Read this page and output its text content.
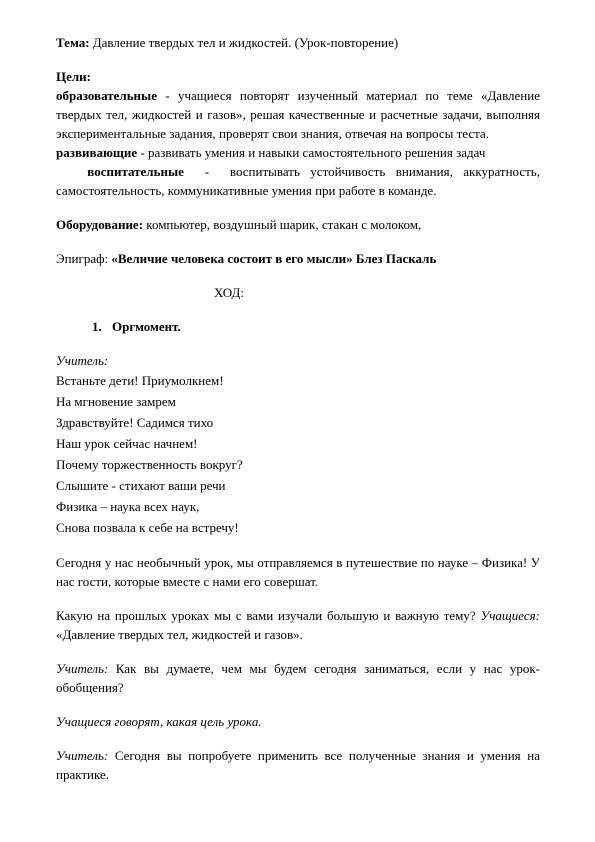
Тема: Давление твердых тел и жидкостей. (Урок-повторение)

Цели:

образовательные - учащиеся повторят изученный материал по теме «Давление твердых тел, жидкостей и газов», решая качественные и расчетные задачи, выполняя экспериментальные задания, проверят свои знания, отвечая на вопросы теста.

развивающие - развивать умения и навыки самостоятельного решения задач

воспитательные  -  воспитывать устойчивость внимания, аккуратность, самостоятельность, коммуникативные умения при работе в команде.

Оборудование: компьютер, воздушный шарик, стакан с молоком,

Эпиграф: «Величие человека состоит в его мысли» Блез Паскаль

ХОД:

1. Оргмомент.

Учитель:

Встаньте дети! Приумолкнем!
На мгновение замрем
Здравствуйте! Садимся тихо
Наш урок сейчас начнем!
Почему торжественность вокруг?
Слышите - стихают ваши речи
Физика – наука всех наук,
Снова позвала к себе на встречу!

Сегодня у нас необычный урок, мы отправляемся в путешествие по науке – Физика! У нас гости, которые вместе с нами его совершат.

Какую на прошлых уроках мы с вами изучали большую и важную тему? Учащиеся: «Давление твердых тел, жидкостей и газов».

Учитель: Как вы думаете, чем мы будем сегодня заниматься, если у нас урок-обобщения?

Учащиеся говорят, какая цель урока.

Учитель: Сегодня вы попробуете применить все полученные знания и умения на практике.
